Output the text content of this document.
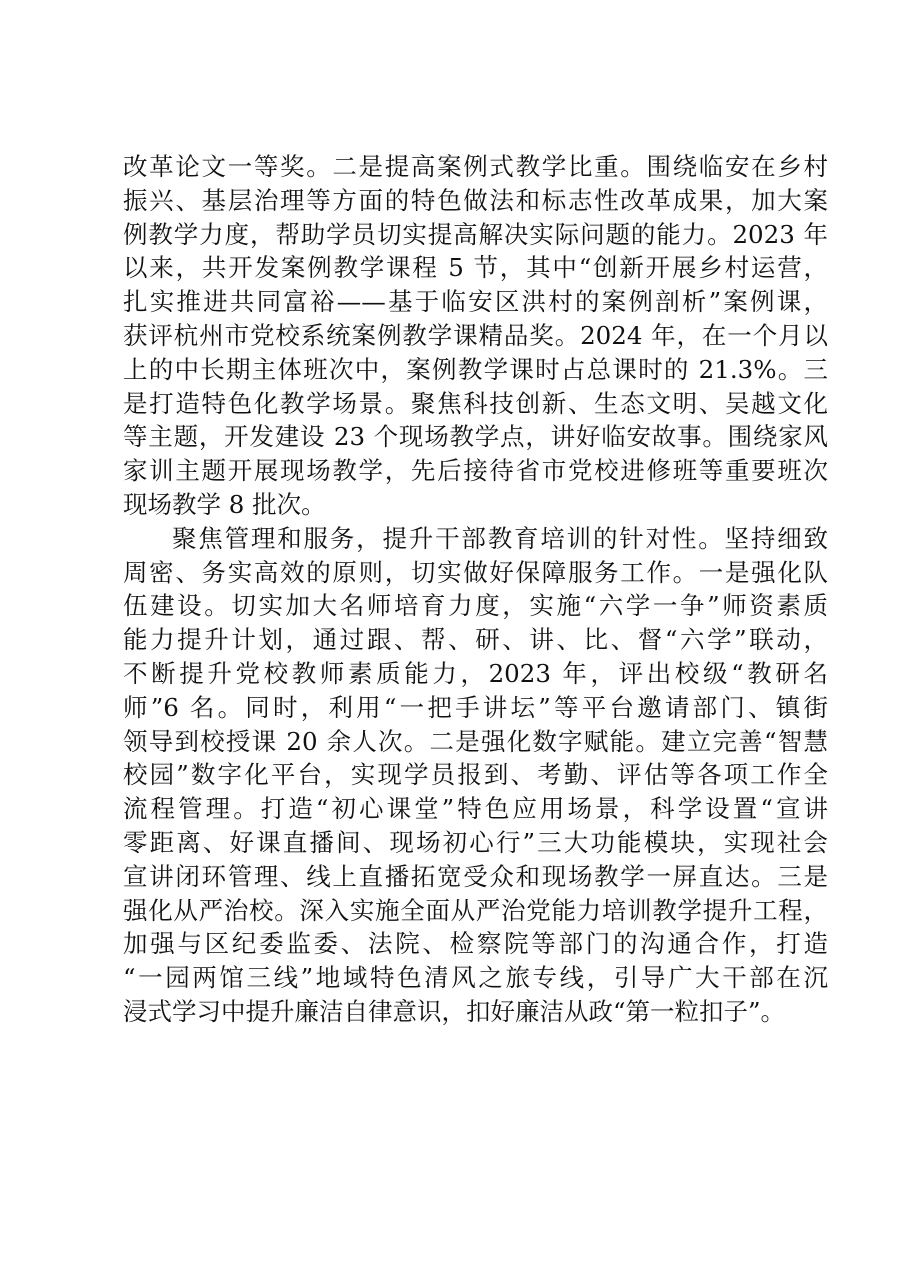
改革论文一等奖。二是提高案例式教学比重。围绕临安在乡村
振兴、基层治理等方面的特色做法和标志性改革成果，加大案
例教学力度，帮助学员切实提高解决实际问题的能力。2023 年
以来，共开发案例教学课程 5 节，其中“创新开展乡村运营，
扎实推进共同富裕——基于临安区洪村的案例剖析”案例课，
获评杭州市党校系统案例教学课精品奖。2024 年，在一个月以
上的中长期主体班次中，案例教学课时占总课时的 21.3%。三
是打造特色化教学场景。聚焦科技创新、生态文明、吴越文化
等主题，开发建设 23 个现场教学点，讲好临安故事。围绕家风
家训主题开展现场教学，先后接待省市党校进修班等重要班次
现场教学 8 批次。
聚焦管理和服务，提升干部教育培训的针对性。坚持细致
周密、务实高效的原则，切实做好保障服务工作。一是强化队
伍建设。切实加大名师培育力度，实施“六学一争”师资素质
能力提升计划，通过跟、帮、研、讲、比、督“六学”联动，
不断提升党校教师素质能力，2023 年，评出校级“教研名
师”6 名。同时，利用“一把手讲坛”等平台邀请部门、镇街
领导到校授课 20 余人次。二是强化数字赋能。建立完善“智慧
校园”数字化平台，实现学员报到、考勤、评估等各项工作全
流程管理。打造“初心课堂”特色应用场景，科学设置“宣讲
零距离、好课直播间、现场初心行”三大功能模块，实现社会
宣讲闭环管理、线上直播拓宽受众和现场教学一屏直达。三是
强化从严治校。深入实施全面从严治党能力培训教学提升工程，
加强与区纪委监委、法院、检察院等部门的沟通合作，打造
“一园两馆三线”地域特色清风之旅专线，引导广大干部在沉
浸式学习中提升廉洁自律意识，扣好廉洁从政“第一粒扣子”。
